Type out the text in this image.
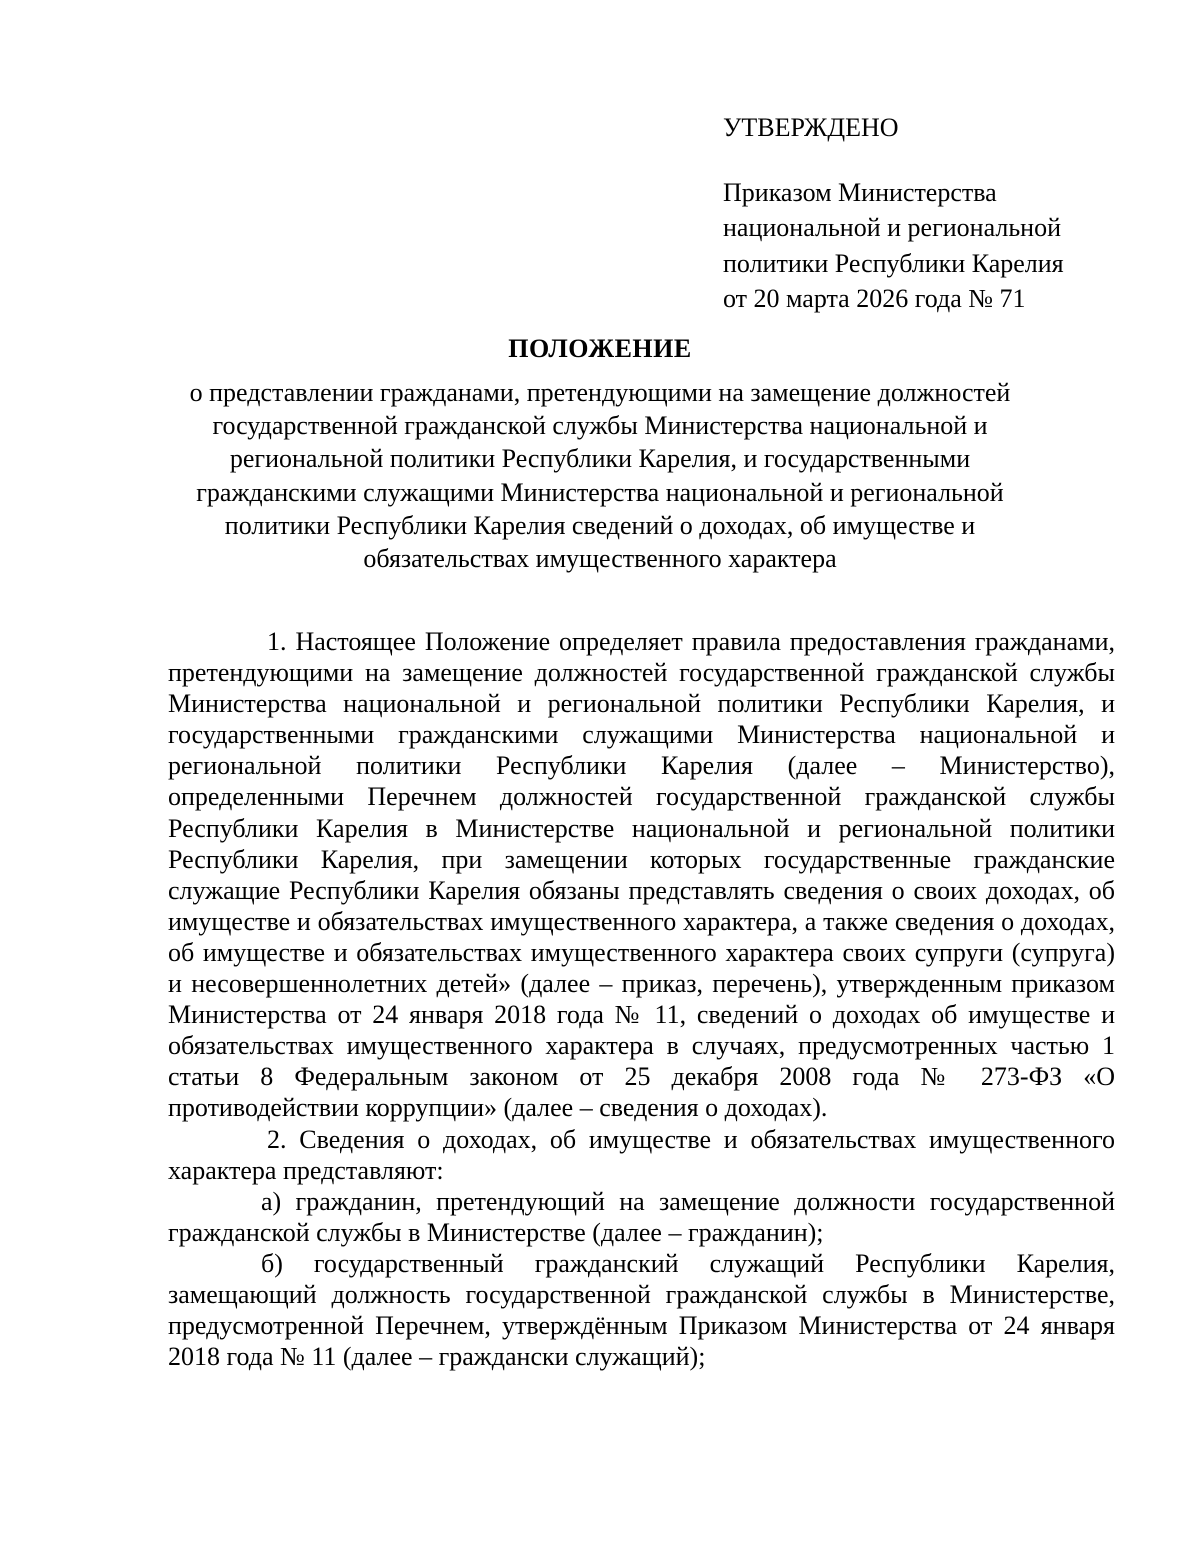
УТВЕРЖДЕНО
Приказом Министерства
национальной и региональной
политики Республики Карелия
от 20 марта 2026 года № 71
ПОЛОЖЕНИЕ
о представлении гражданами, претендующими на замещение должностей государственной гражданской службы Министерства национальной и региональной политики Республики Карелия, и государственными гражданскими служащими Министерства национальной и региональной политики Республики Карелия сведений о доходах, об имуществе и обязательствах имущественного характера

1. Настоящее Положение определяет правила предоставления гражданами, претендующими на замещение должностей государственной гражданской службы Министерства национальной и региональной политики Республики Карелия, и государственными гражданскими служащими Министерства национальной и региональной политики Республики Карелия (далее – Министерство), определенными Перечнем должностей государственной гражданской службы Республики Карелия в Министерстве национальной и региональной политики Республики Карелия, при замещении которых государственные гражданские служащие Республики Карелия обязаны представлять сведения о своих доходах, об имуществе и обязательствах имущественного характера, а также сведения о доходах, об имуществе и обязательствах имущественного характера своих супруги (супруга) и несовершеннолетних детей» (далее – приказ, перечень), утвержденным приказом Министерства от 24 января 2018 года № 11, сведений о доходах об имуществе и обязательствах имущественного характера в случаях, предусмотренных частью 1 статьи 8 Федеральным законом от 25 декабря 2008 года № 273-ФЗ «О противодействии коррупции» (далее – сведения о доходах).

2. Сведения о доходах, об имуществе и обязательствах имущественного характера представляют:

а) гражданин, претендующий на замещение должности государственной гражданской службы в Министерстве (далее – гражданин);

б) государственный гражданский служащий Республики Карелия, замещающий должность государственной гражданской службы в Министерстве, предусмотренной Перечнем, утверждённым Приказом Министерства от 24 января 2018 года № 11 (далее – граждански служащий);
